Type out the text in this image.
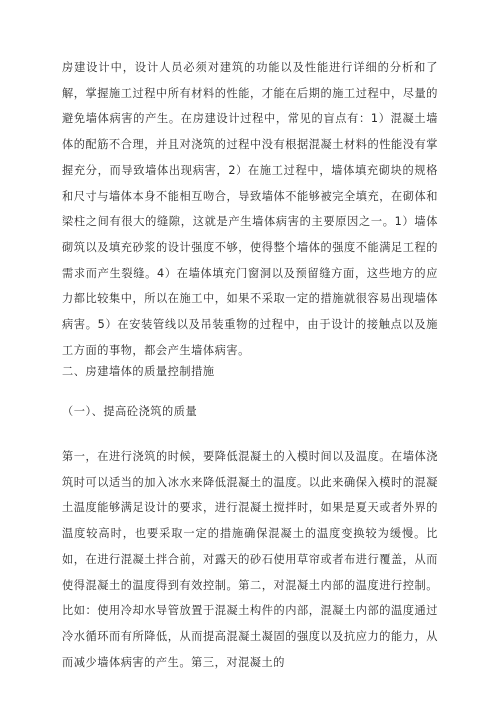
房建设计中，设计人员必须对建筑的功能以及性能进行详细的分析和了解，掌握施工过程中所有材料的性能，才能在后期的施工过程中，尽量的避免墙体病害的产生。在房建设计过程中，常见的盲点有：1）混凝土墙体的配筋不合理，并且对浇筑的过程中没有根据混凝土材料的性能没有掌握充分，而导致墙体出现病害，2）在施工过程中，墙体填充砌块的规格和尺寸与墙体本身不能相互吻合，导致墙体不能够被完全填充，在砌体和梁柱之间有很大的缝隙，这就是产生墙体病害的主要原因之一。1）墙体砌筑以及填充砂浆的设计强度不够，使得整个墙体的强度不能满足工程的需求而产生裂缝。4）在墙体填充门窗洞以及预留缝方面，这些地方的应力都比较集中，所以在施工中，如果不采取一定的措施就很容易出现墙体病害。5）在安装管线以及吊装重物的过程中，由于设计的接触点以及施工方面的事物，都会产生墙体病害。

二、房建墙体的质量控制措施
（一）、提高砼浇筑的质量

第一，在进行浇筑的时候，要降低混凝土的入模时间以及温度。在墙体浇筑时可以适当的加入冰水来降低混凝土的温度。以此来确保入模时的混凝土温度能够满足设计的要求，进行混凝土搅拌时，如果是夏天或者外界的温度较高时，也要采取一定的措施确保混凝土的温度变换较为缓慢。比如，在进行混凝土拌合前，对露天的砂石使用草帘或者布进行覆盖，从而使得混凝土的温度得到有效控制。第二，对混凝土内部的温度进行控制。比如：使用冷却水导管放置于混凝土构件的内部，混凝土内部的温度通过冷水循环而有所降低，从而提高混凝土凝固的强度以及抗应力的能力，从而减少墙体病害的产生。第三，对混凝土的
